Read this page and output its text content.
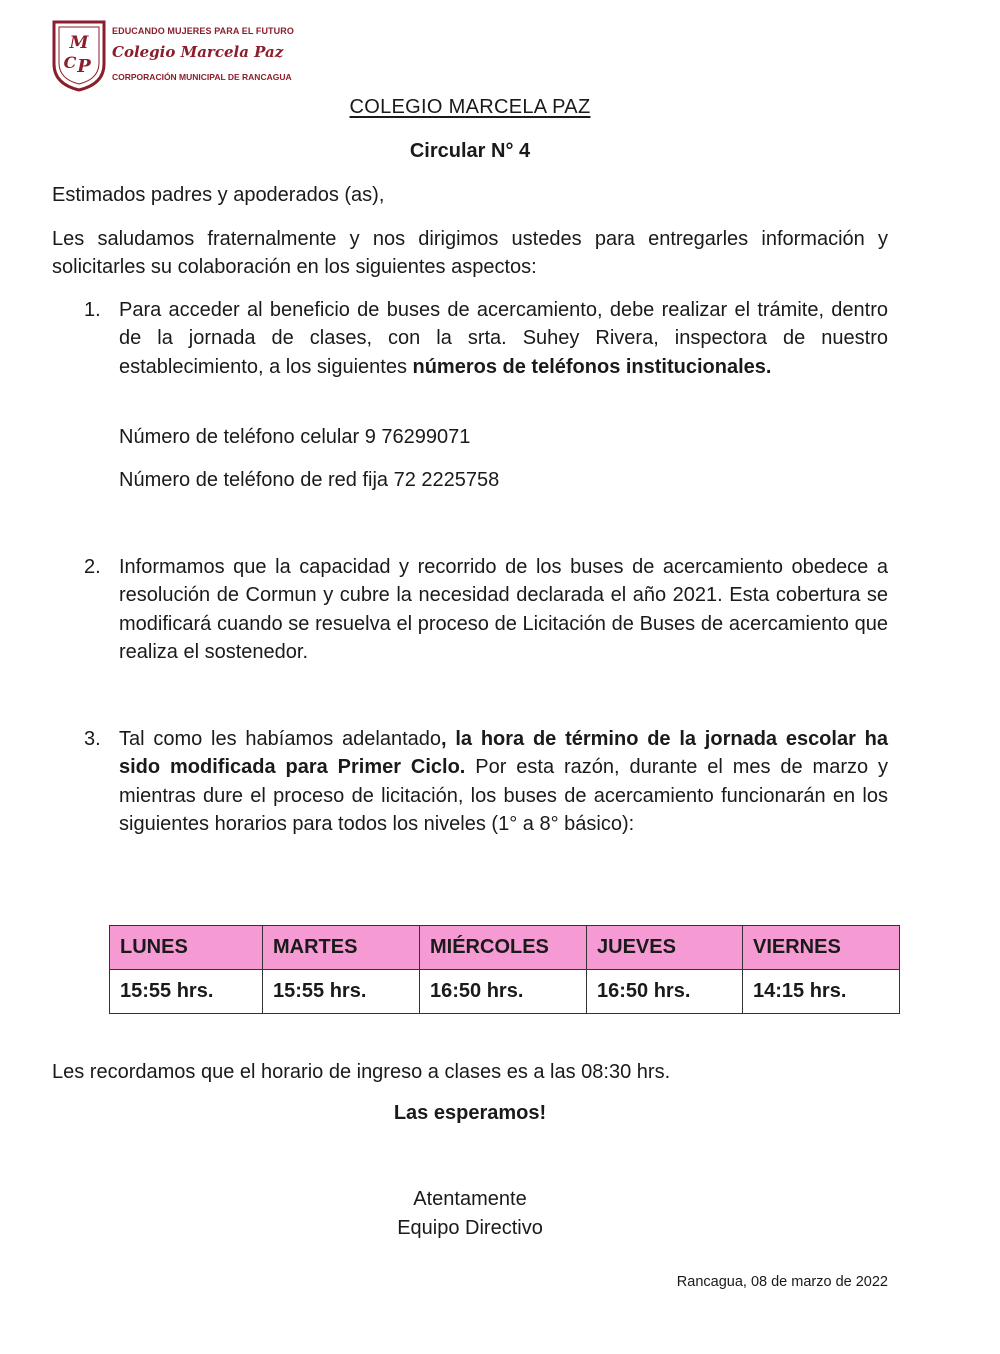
M
C P
EDUCANDO MUJERES PARA EL FUTURO
Colegio Marcela Paz
CORPORACIÓN MUNICIPAL DE RANCAGUA
COLEGIO MARCELA PAZ
Circular N° 4
Estimados padres y apoderados (as),
Les saludamos fraternalmente y nos dirigimos ustedes para entregarles información y solicitarles su colaboración en los siguientes aspectos:
1. Para acceder al beneficio de buses de acercamiento, debe realizar el trámite, dentro de la jornada de clases, con la srta. Suhey Rivera, inspectora de nuestro establecimiento, a los siguientes números de teléfonos institucionales.
Número de teléfono celular 9 76299071
Número de teléfono de red fija 72 2225758
2. Informamos que la capacidad y recorrido de los buses de acercamiento obedece a resolución de Cormun y cubre la necesidad declarada el año 2021. Esta cobertura se modificará cuando se resuelva el proceso de Licitación de Buses de acercamiento que realiza el sostenedor.
3. Tal como les habíamos adelantado, la hora de término de la jornada escolar ha sido modificada para Primer Ciclo. Por esta razón, durante el mes de marzo y mientras dure el proceso de licitación, los buses de acercamiento funcionarán en los siguientes horarios para todos los niveles (1° a 8° básico):
LUNES	MARTES	MIÉRCOLES	JUEVES	VIERNES
15:55 hrs.	15:55 hrs.	16:50 hrs.	16:50 hrs.	14:15 hrs.
Les recordamos que el horario de ingreso a clases es a las 08:30 hrs.
Las esperamos!
Atentamente
Equipo Directivo
Rancagua, 08 de marzo de 2022
